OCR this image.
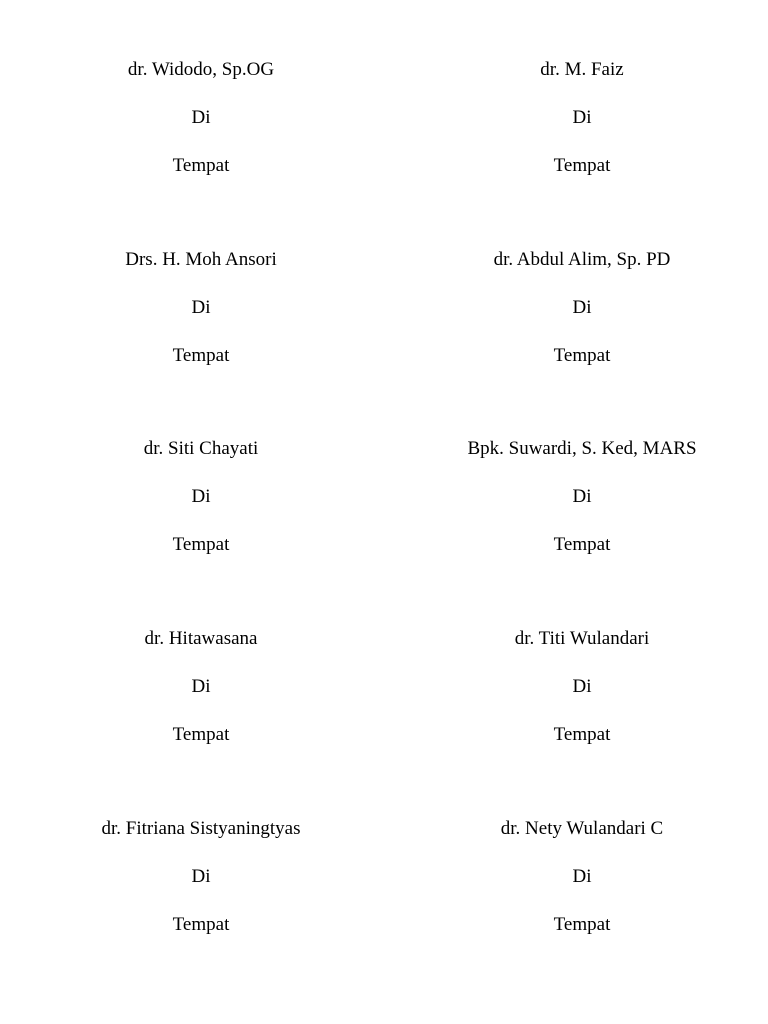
dr. Widodo, Sp.OG
Di
Tempat
dr. M. Faiz
Di
Tempat
Drs. H. Moh Ansori
Di
Tempat
dr. Abdul Alim, Sp. PD
Di
Tempat
dr. Siti Chayati
Di
Tempat
Bpk. Suwardi, S. Ked, MARS
Di
Tempat
dr. Hitawasana
Di
Tempat
dr. Titi Wulandari
Di
Tempat
dr. Fitriana Sistyaningtyas
Di
Tempat
dr. Nety Wulandari C
Di
Tempat
